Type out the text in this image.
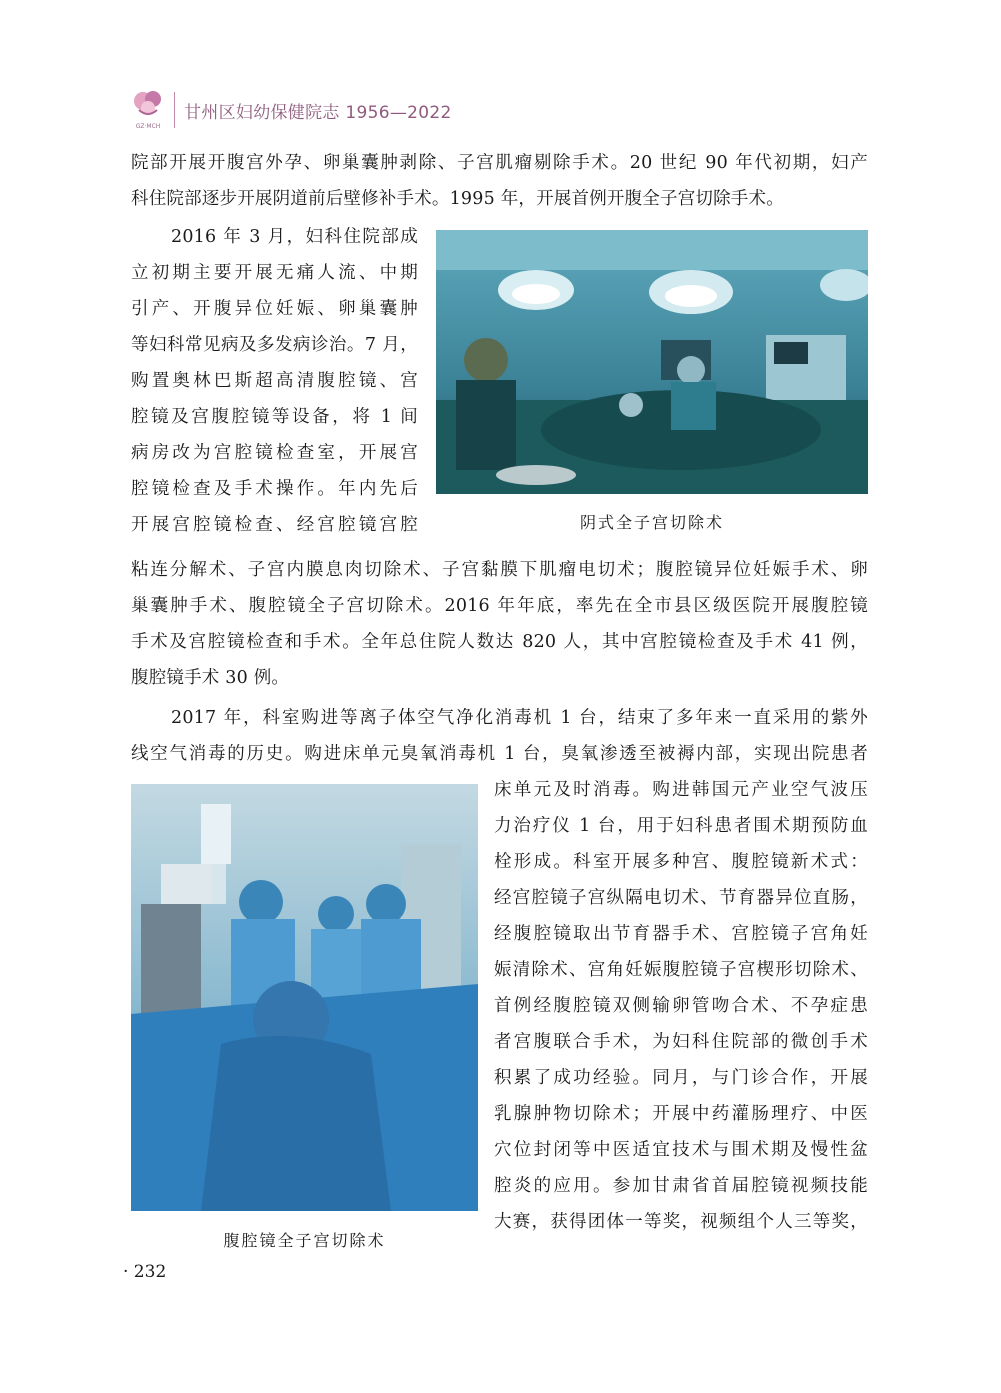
GZ·MCH
甘州区妇幼保健院志 1956—2022
院部开展开腹宫外孕、卵巢囊肿剥除、子宫肌瘤剔除手术。20 世纪 90 年代初期，妇产
科住院部逐步开展阴道前后壁修补手术。1995 年，开展首例开腹全子宫切除手术。
2016 年 3 月，妇科住院部成
立初期主要开展无痛人流、中期
引产、开腹异位妊娠、卵巢囊肿
等妇科常见病及多发病诊治。7 月，
购置奥林巴斯超高清腹腔镜、宫
腔镜及宫腹腔镜等设备，将 1 间
病房改为宫腔镜检查室，开展宫
腔镜检查及手术操作。年内先后
开展宫腔镜检查、经宫腔镜宫腔	阴式全子宫切除术
粘连分解术、子宫内膜息肉切除术、子宫黏膜下肌瘤电切术；腹腔镜异位妊娠手术、卵
巢囊肿手术、腹腔镜全子宫切除术。2016 年年底，率先在全市县区级医院开展腹腔镜
手术及宫腔镜检查和手术。全年总住院人数达 820 人，其中宫腔镜检查及手术 41 例，
腹腔镜手术 30 例。
2017 年，科室购进等离子体空气净化消毒机 1 台，结束了多年来一直采用的紫外
线空气消毒的历史。购进床单元臭氧消毒机 1 台，臭氧渗透至被褥内部，实现出院患者
腹腔镜全子宫切除术
床单元及时消毒。购进韩国元产业空气波压
力治疗仪 1 台，用于妇科患者围术期预防血
栓形成。科室开展多种宫、腹腔镜新术式：
经宫腔镜子宫纵隔电切术、节育器异位直肠，
经腹腔镜取出节育器手术、宫腔镜子宫角妊
娠清除术、宫角妊娠腹腔镜子宫楔形切除术、
首例经腹腔镜双侧输卵管吻合术、不孕症患
者宫腹联合手术，为妇科住院部的微创手术
积累了成功经验。同月，与门诊合作，开展
乳腺肿物切除术；开展中药灌肠理疗、中医
穴位封闭等中医适宜技术与围术期及慢性盆
腔炎的应用。参加甘肃省首届腔镜视频技能
大赛，获得团体一等奖，视频组个人三等奖，
· 232
